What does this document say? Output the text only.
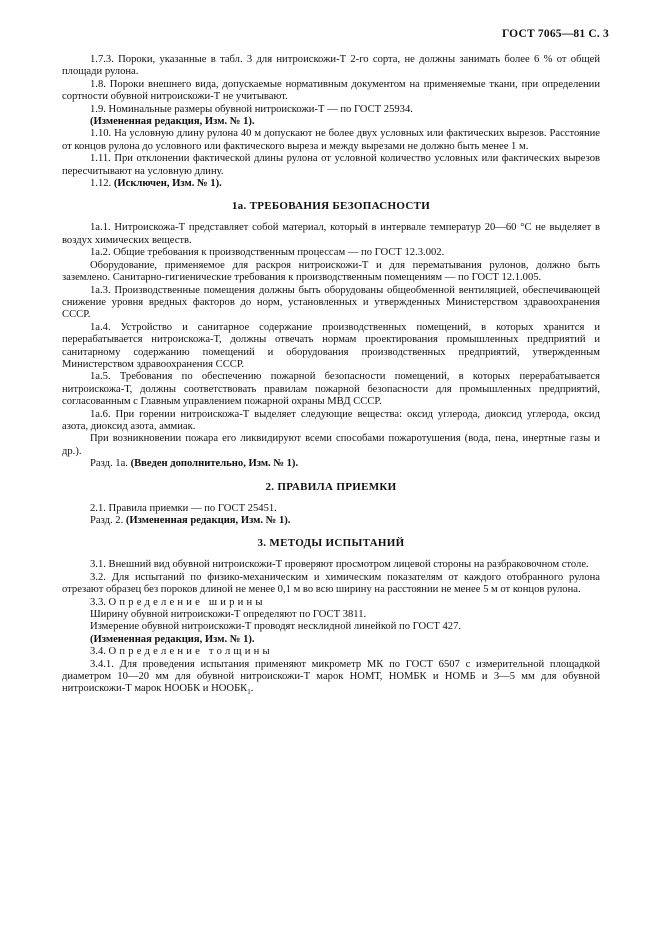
ГОСТ 7065—81 С. 3

1.7.3. Пороки, указанные в табл. 3 для нитроискожи-Т 2-го сорта, не должны занимать более 6 % от общей площади рулона.

1.8. Пороки внешнего вида, допускаемые нормативным документом на применяемые ткани, при определении сортности обувной нитроискожи-Т не учитывают.

1.9. Номинальные размеры обувной нитроискожи-Т — по ГОСТ 25934.

(Измененная редакция, Изм. № 1).

1.10. На условную длину рулона 40 м допускают не более двух условных или фактических вырезов. Расстояние от концов рулона до условного или фактического выреза и между вырезами не должно быть менее 1 м.

1.11. При отклонении фактической длины рулона от условной количество условных или фактических вырезов пересчитывают на условную длину.

1.12. (Исключен, Изм. № 1).

1а. ТРЕБОВАНИЯ БЕЗОПАСНОСТИ

1а.1. Нитроискожа-Т представляет собой материал, который в интервале температур 20—60 °С не выделяет в воздух химических веществ.

1а.2. Общие требования к производственным процессам — по ГОСТ 12.3.002.

Оборудование, применяемое для раскроя нитроискожи-Т и для перематывания рулонов, должно быть заземлено. Санитарно-гигиенические требования к производственным помещениям — по ГОСТ 12.1.005.

1а.3. Производственные помещения должны быть оборудованы общеобменной вентиляцией, обеспечивающей снижение уровня вредных факторов до норм, установленных и утвержденных Министерством здравоохранения СССР.

1а.4. Устройство и санитарное содержание производственных помещений, в которых хранится и перерабатывается нитроискожа-Т, должны отвечать нормам проектирования промышленных предприятий и санитарному содержанию помещений и оборудования производственных предприятий, утвержденным Министерством здравоохранения СССР.

1а.5. Требования по обеспечению пожарной безопасности помещений, в которых перерабатывается нитроискожа-Т, должны соответствовать правилам пожарной безопасности для промышленных предприятий, согласованным с Главным управлением пожарной охраны МВД СССР.

1а.6. При горении нитроискожа-Т выделяет следующие вещества: оксид углерода, диоксид углерода, оксид азота, диоксид азота, аммиак.

При возникновении пожара его ликвидируют всеми способами пожаротушения (вода, пена, инертные газы и др.).

Разд. 1а. (Введен дополнительно, Изм. № 1).

2. ПРАВИЛА ПРИЕМКИ

2.1. Правила приемки — по ГОСТ 25451.

Разд. 2. (Измененная редакция, Изм. № 1).

3. МЕТОДЫ ИСПЫТАНИЙ

3.1. Внешний вид обувной нитроискожи-Т проверяют просмотром лицевой стороны на разбраковочном столе.

3.2. Для испытаний по физико-механическим и химическим показателям от каждого отобранного рулона отрезают образец без пороков длиной не менее 0,1 м во всю ширину на расстоянии не менее 5 м от концов рулона.

3.3. Определение ширины

Ширину обувной нитроискожи-Т определяют по ГОСТ 3811.

Измерение обувной нитроискожи-Т проводят несклидной линейкой по ГОСТ 427.

(Измененная редакция, Изм. № 1).

3.4. Определение толщины

3.4.1. Для проведения испытания применяют микрометр МК по ГОСТ 6507 с измерительной площадкой диаметром 10—20 мм для обувной нитроискожи-Т марок НОМТ, НОМБК и НОМБ и 3—5 мм для обувной нитроискожи-Т марок НООБК и $НООБК_1$.
